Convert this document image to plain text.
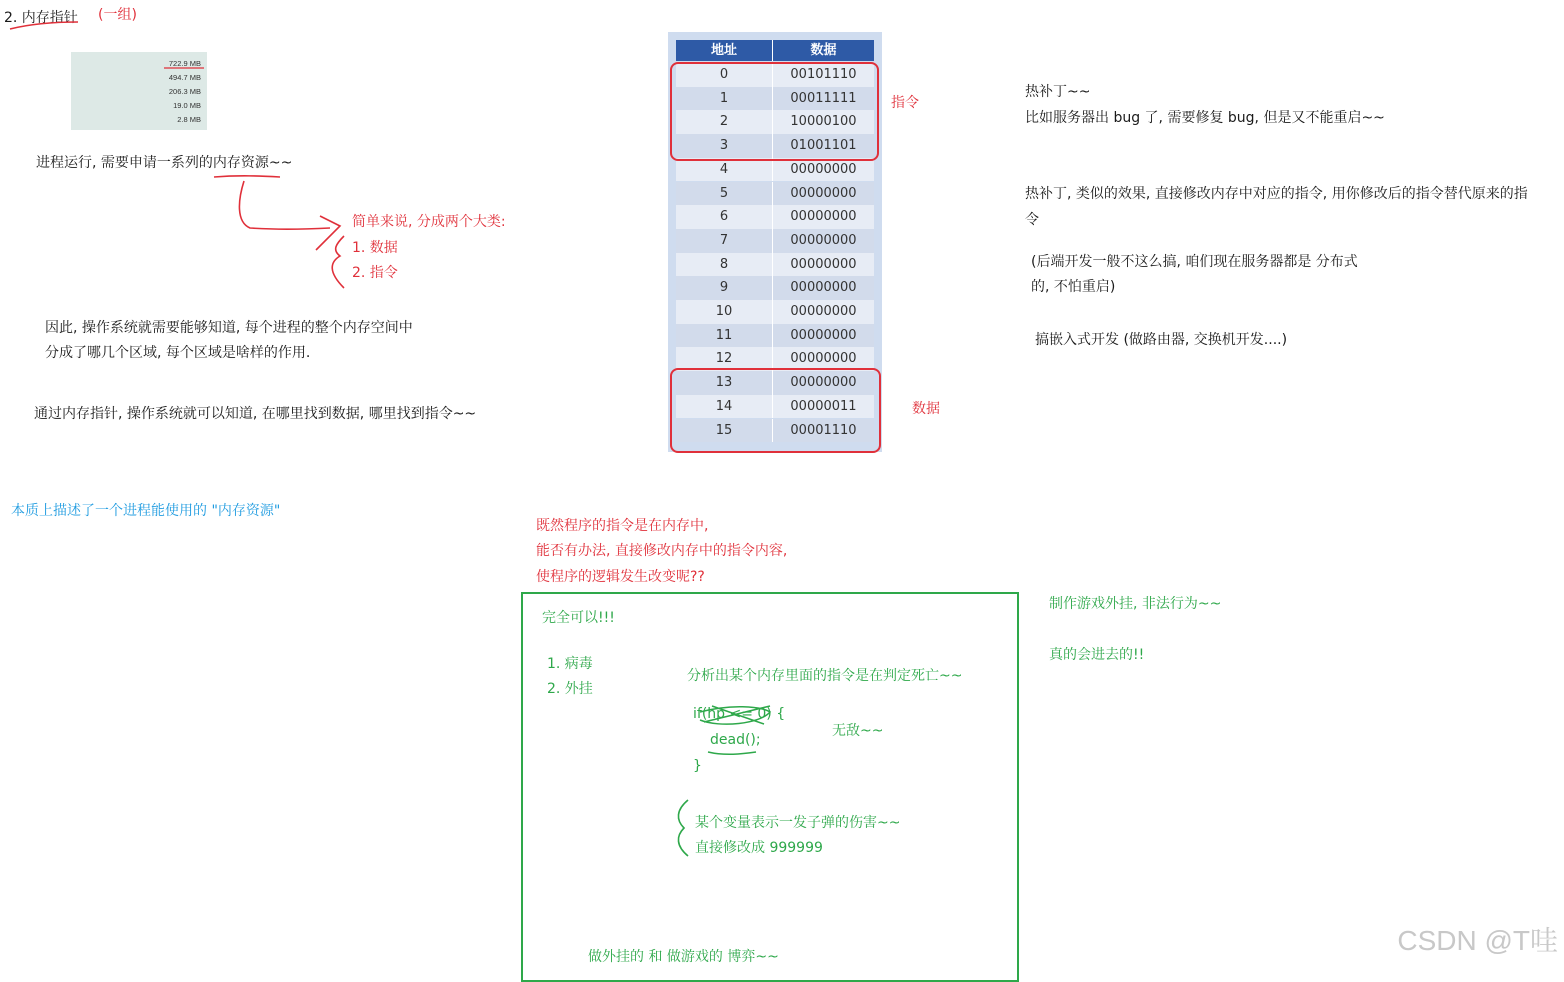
2. 内存指针 (一组)
722.9 MB
494.7 MB
206.3 MB
19.0 MB
2.8 MB
进程运行, 需要申请一系列的内存资源~~
简单来说, 分成两个大类:
1. 数据
2. 指令
因此, 操作系统就需要能够知道, 每个进程的整个内存空间中
分成了哪几个区域, 每个区域是啥样的作用.
通过内存指针, 操作系统就可以知道, 在哪里找到数据, 哪里找到指令~~
本质上描述了一个进程能使用的 "内存资源"
地址	数据
0	00101110
1	00011111
2	10000100
3	01001101
4	00000000
5	00000000
6	00000000
7	00000000
8	00000000
9	00000000
10	00000000
11	00000000
12	00000000
13	00000000
14	00000011
15	00001110
指令
数据
热补丁~~
比如服务器出 bug 了, 需要修复 bug, 但是又不能重启~~
热补丁, 类似的效果, 直接修改内存中对应的指令, 用你修改后的指令替代原来的指
令
(后端开发一般不这么搞, 咱们现在服务器都是 分布式
的, 不怕重启)
搞嵌入式开发 (做路由器, 交换机开发....)
既然程序的指令是在内存中,
能否有办法, 直接修改内存中的指令内容,
使程序的逻辑发生改变呢??
完全可以!!!
1. 病毒
2. 外挂
分析出某个内存里面的指令是在判定死亡~~
if(hp <= 0) {
dead();
}
无敌~~
某个变量表示一发子弹的伤害~~
直接修改成 999999
做外挂的 和 做游戏的 博弈~~
制作游戏外挂, 非法行为~~
真的会进去的!!
CSDN @T哇
